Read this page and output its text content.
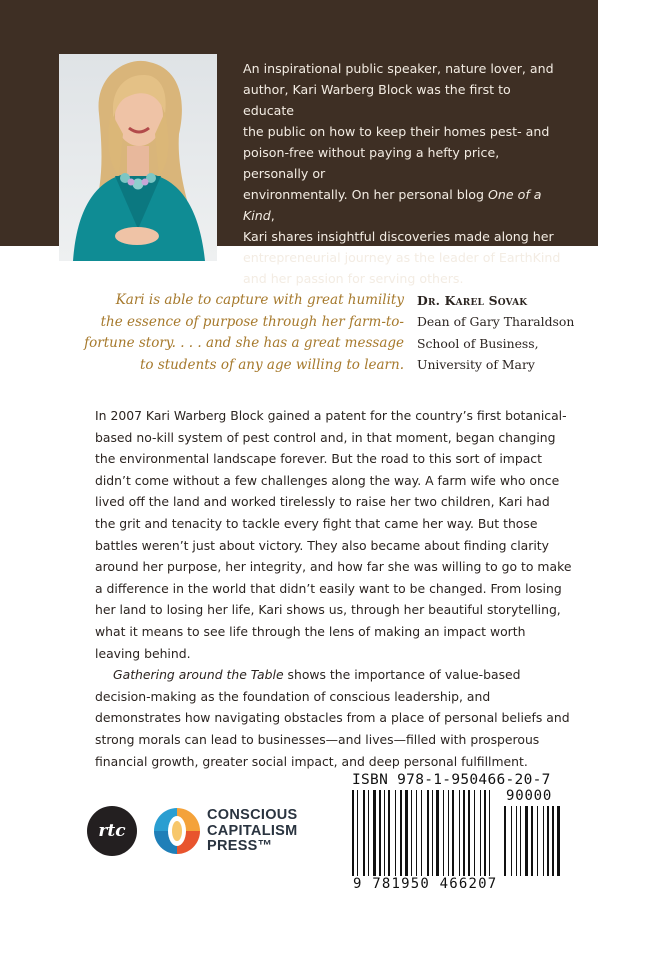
An inspirational public speaker, nature lover, and
author, Kari Warberg Block was the first to educate
the public on how to keep their homes pest- and
poison-free without paying a hefty price, personally or
environmentally. On her personal blog One of a Kind,
Kari shares insightful discoveries made along her
entrepreneurial journey as the leader of EarthKind
and her passion for serving others.
Kari is able to capture with great humility
the essence of purpose through her farm-to-
fortune story. . . . and she has a great message
to students of any age willing to learn.
Dr. Karel Sovak
Dean of Gary Tharaldson
School of Business,
University of Mary

In 2007 Kari Warberg Block gained a patent for the country’s first botanical-based no-kill system of pest control and, in that moment, began changing the environmental landscape forever. But the road to this sort of impact didn’t come without a few challenges along the way. A farm wife who once lived off the land and worked tirelessly to raise her two children, Kari had the grit and tenacity to tackle every fight that came her way. But those battles weren’t just about victory. They also became about finding clarity around her purpose, her integrity, and how far she was willing to go to make a difference in the world that didn’t easily want to be changed. From losing her land to losing her life, Kari shows us, through her beautiful storytelling, what it means to see life through the lens of making an impact worth leaving behind.

Gathering around the Table shows the importance of value-based decision-making as the foundation of conscious leadership, and demonstrates how navigating obstacles from a place of personal beliefs and strong morals can lead to businesses—and lives—filled with prosperous financial growth, greater social impact, and deep personal fulfillment.

rtc
CONSCIOUS
CAPITALISM
PRESS™
ISBN 978-1-950466-20-7
90000
9 781950 466207
